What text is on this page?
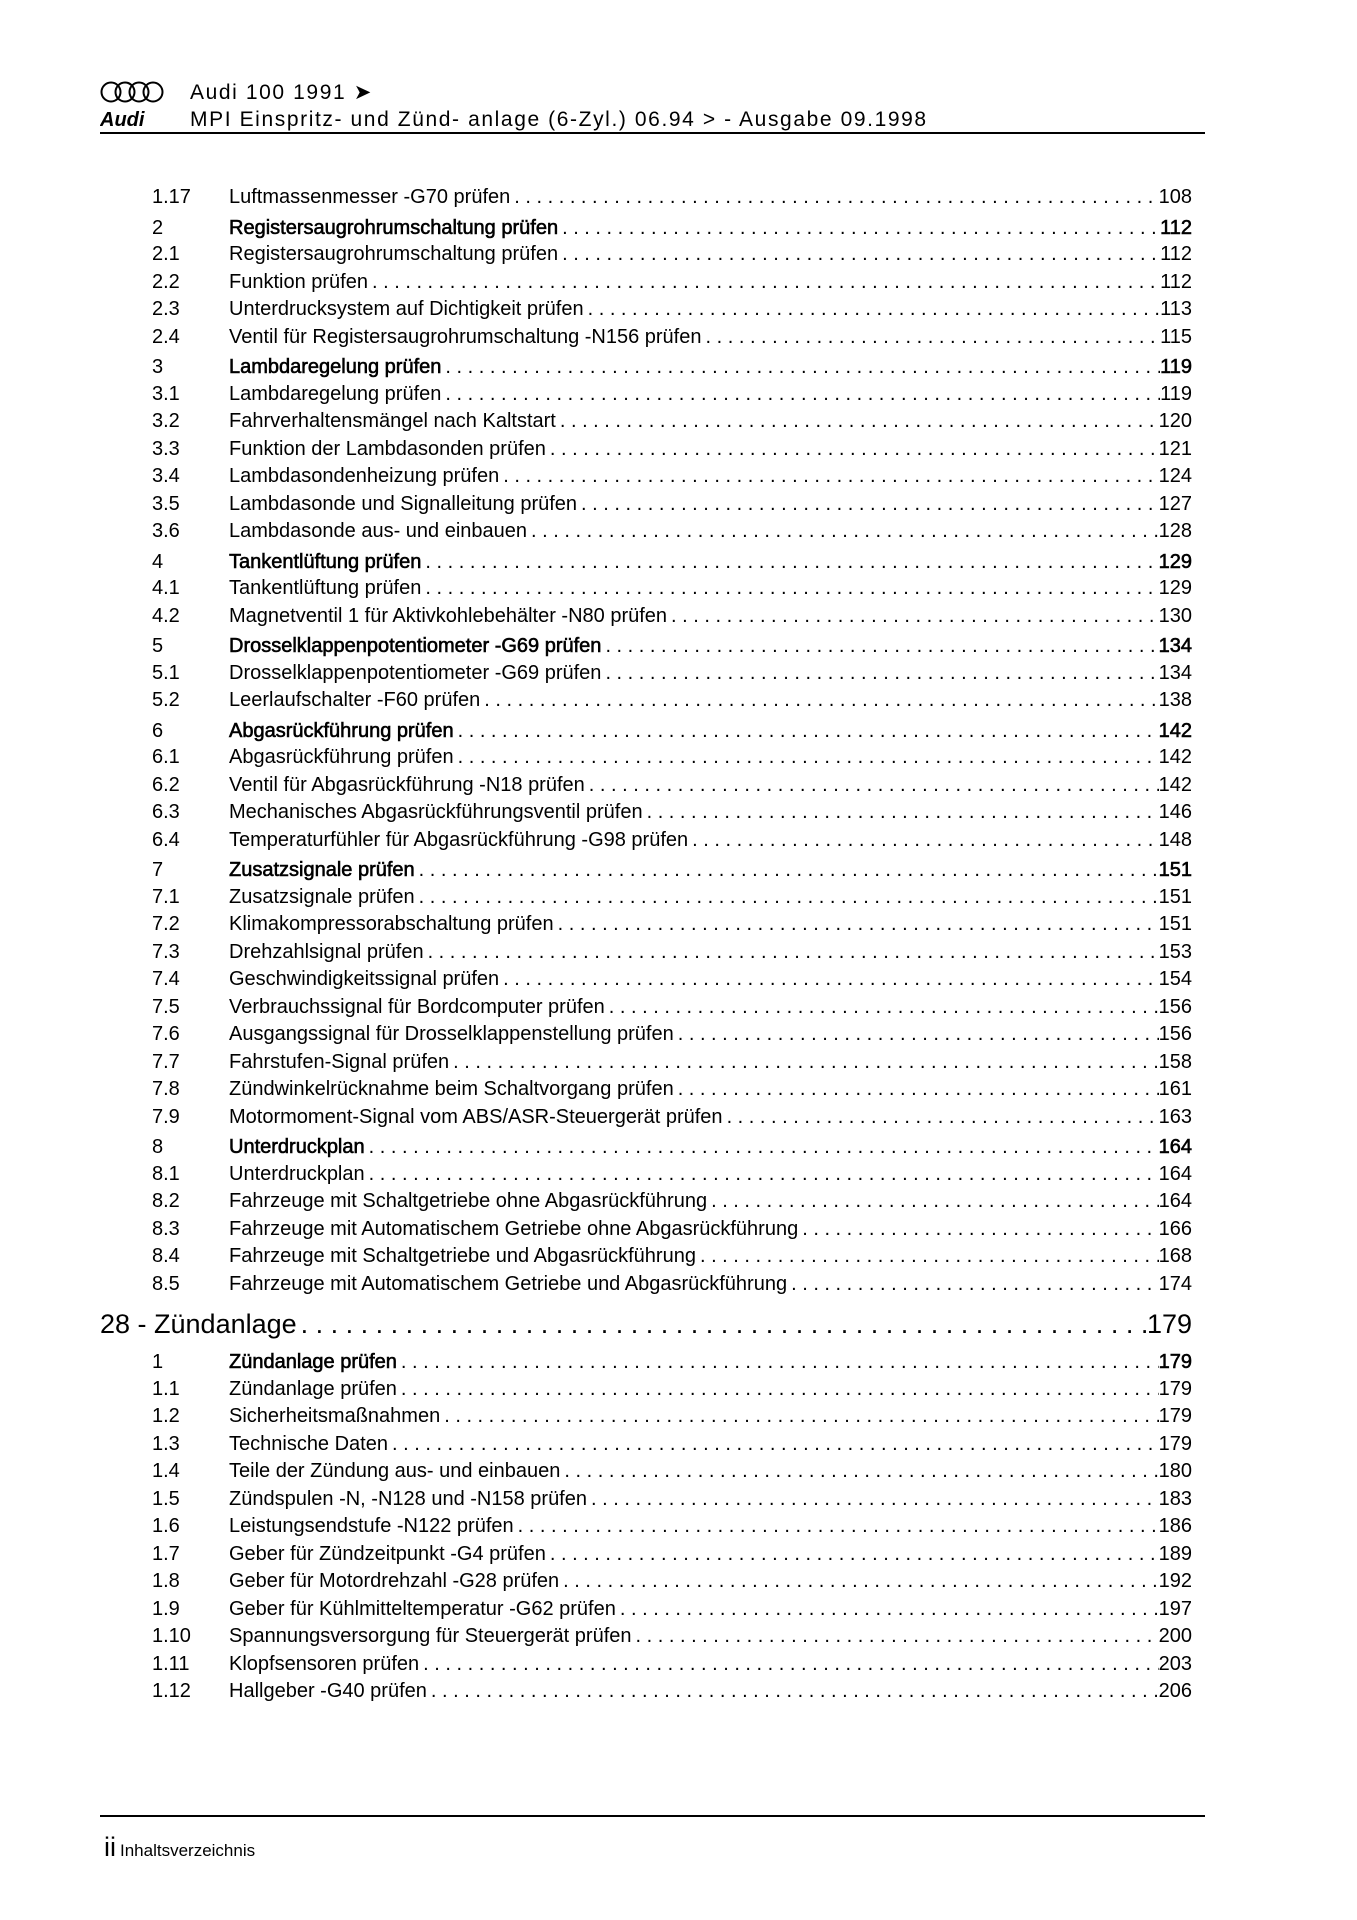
Audi
Audi 100 1991 ➤
MPI Einspritz- und Zünd- anlage (6-Zyl.) 06.94 > - Ausgabe 09.1998
1.17	Luftmassenmesser -G70 prüfen . . .	108
2	Registersaugrohrumschaltung prüfen . . .	112
2.1	Registersaugrohrumschaltung prüfen . . .	112
2.2	Funktion prüfen . . .	112
2.3	Unterdrucksystem auf Dichtigkeit prüfen . . .	113
2.4	Ventil für Registersaugrohrumschaltung -N156 prüfen . . .	115
3	Lambdaregelung prüfen . . .	119
3.1	Lambdaregelung prüfen . . .	119
3.2	Fahrverhaltensmängel nach Kaltstart . . .	120
3.3	Funktion der Lambdasonden prüfen . . .	121
3.4	Lambdasondenheizung prüfen . . .	124
3.5	Lambdasonde und Signalleitung prüfen . . .	127
3.6	Lambdasonde aus- und einbauen . . .	128
4	Tankentlüftung prüfen . . .	129
4.1	Tankentlüftung prüfen . . .	129
4.2	Magnetventil 1 für Aktivkohlebehälter -N80 prüfen . . .	130
5	Drosselklappenpotentiometer -G69 prüfen . . .	134
5.1	Drosselklappenpotentiometer -G69 prüfen . . .	134
5.2	Leerlaufschalter -F60 prüfen . . .	138
6	Abgasrückführung prüfen . . .	142
6.1	Abgasrückführung prüfen . . .	142
6.2	Ventil für Abgasrückführung -N18 prüfen . . .	142
6.3	Mechanisches Abgasrückführungsventil prüfen . . .	146
6.4	Temperaturfühler für Abgasrückführung -G98 prüfen . . .	148
7	Zusatzsignale prüfen . . .	151
7.1	Zusatzsignale prüfen . . .	151
7.2	Klimakompressorabschaltung prüfen . . .	151
7.3	Drehzahlsignal prüfen . . .	153
7.4	Geschwindigkeitssignal prüfen . . .	154
7.5	Verbrauchssignal für Bordcomputer prüfen . . .	156
7.6	Ausgangssignal für Drosselklappenstellung prüfen . . .	156
7.7	Fahrstufen-Signal prüfen . . .	158
7.8	Zündwinkelrücknahme beim Schaltvorgang prüfen . . .	161
7.9	Motormoment-Signal vom ABS/ASR-Steuergerät prüfen . . .	163
8	Unterdruckplan . . .	164
8.1	Unterdruckplan . . .	164
8.2	Fahrzeuge mit Schaltgetriebe ohne Abgasrückführung . . .	164
8.3	Fahrzeuge mit Automatischem Getriebe ohne Abgasrückführung . . .	166
8.4	Fahrzeuge mit Schaltgetriebe und Abgasrückführung . . .	168
8.5	Fahrzeuge mit Automatischem Getriebe und Abgasrückführung . . .	174
28 - Zündanlage . . .	179
1	Zündanlage prüfen . . .	179
1.1	Zündanlage prüfen . . .	179
1.2	Sicherheitsmaßnahmen . . .	179
1.3	Technische Daten . . .	179
1.4	Teile der Zündung aus- und einbauen . . .	180
1.5	Zündspulen -N, -N128 und -N158 prüfen . . .	183
1.6	Leistungsendstufe -N122 prüfen . . .	186
1.7	Geber für Zündzeitpunkt -G4 prüfen . . .	189
1.8	Geber für Motordrehzahl -G28 prüfen . . .	192
1.9	Geber für Kühlmitteltemperatur -G62 prüfen . . .	197
1.10	Spannungsversorgung für Steuergerät prüfen . . .	200
1.11	Klopfsensoren prüfen . . .	203
1.12	Hallgeber -G40 prüfen . . .	206
ii Inhaltsverzeichnis
